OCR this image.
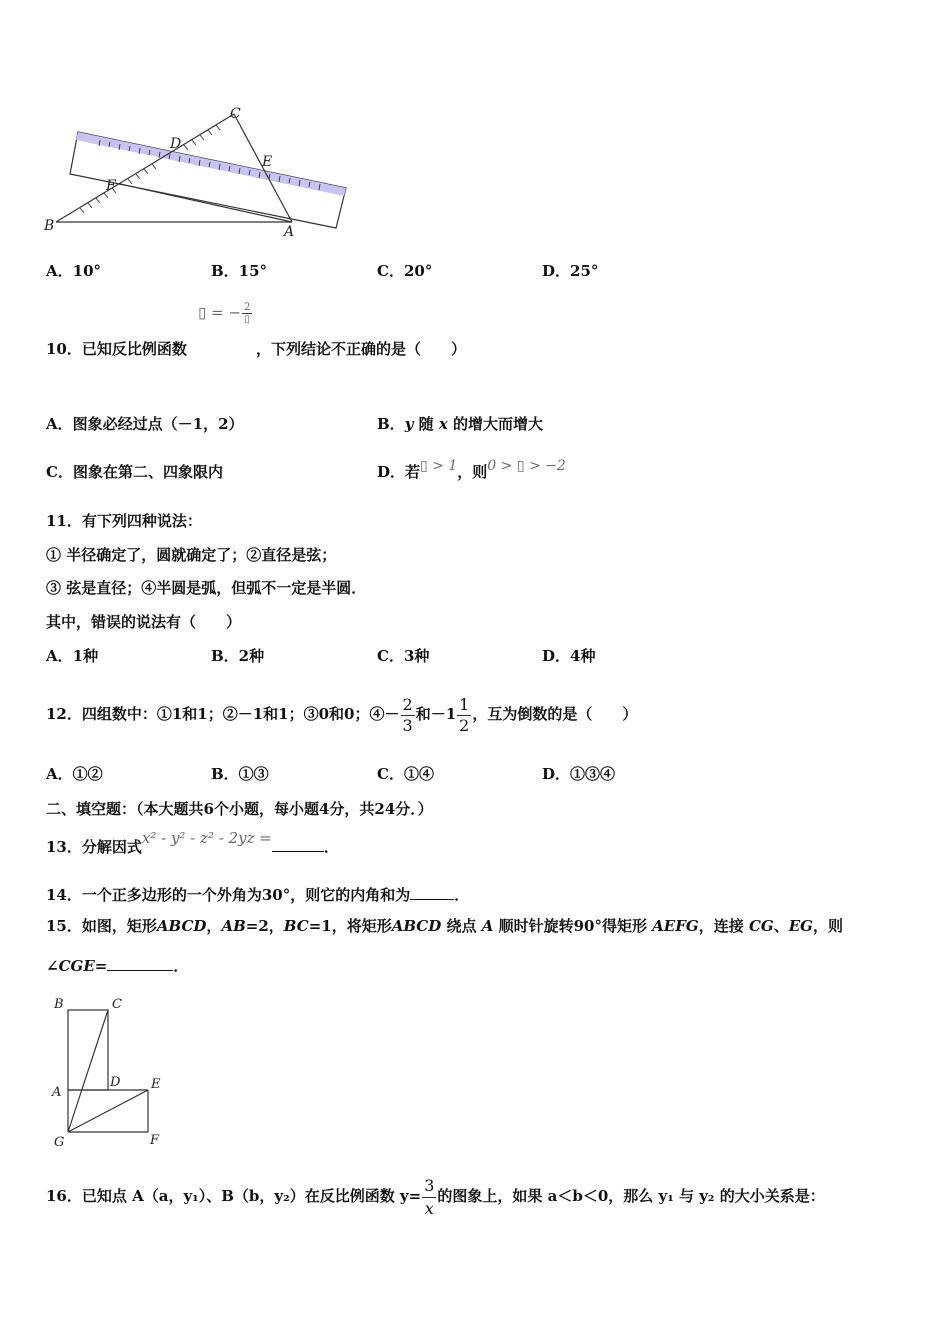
C
D
E
F
B	A
A．10°	B．15°	C．20°	D．25°
▯ = − $\frac{2}{▯}$
10．已知反比例函数	，下列结论不正确的是（　　）
A．图象必经过点（－1，2）	B．y 随 x 的增大而增大
C．图象在第二、四象限内	D．若▯ > 1，则0 > ▯ > −2
11．有下列四种说法：
① 半径确定了，圆就确定了；②直径是弦；
③ 弦是直径；④半圆是弧，但弧不一定是半圆．
其中，错误的说法有（　　）
A．1种	B．2种	C．3种	D．4种
12．四组数中：①1和1；②－1和1；③0和0；④－ $\frac{2}{3}$ 和$-1 \frac{1}{2}$ ，互为倒数的是（　　）
A．①②	B．①③	C．①④	D．①③④
二、填空题：（本大题共6个小题，每小题4分，共24分．）
13．分解因式x² - y² - z² - 2yz =	．
14．一个正多边形的一个外角为30°，则它的内角和为	．
15．如图，矩形ABCD，AB=2，BC=1，将矩形ABCD 绕点 A 顺时针旋转90°得矩形 AEFG，连接 CG、EG，则
∠CGE=	．
B	C
A
D E
G	F
16．已知点 A（a，y₁）、B（b，y₂）在反比例函数 $y= \frac{3}{x}$ 的图象上，如果 a＜b＜0，那么 y₁ 与 y₂ 的大小关系是：
